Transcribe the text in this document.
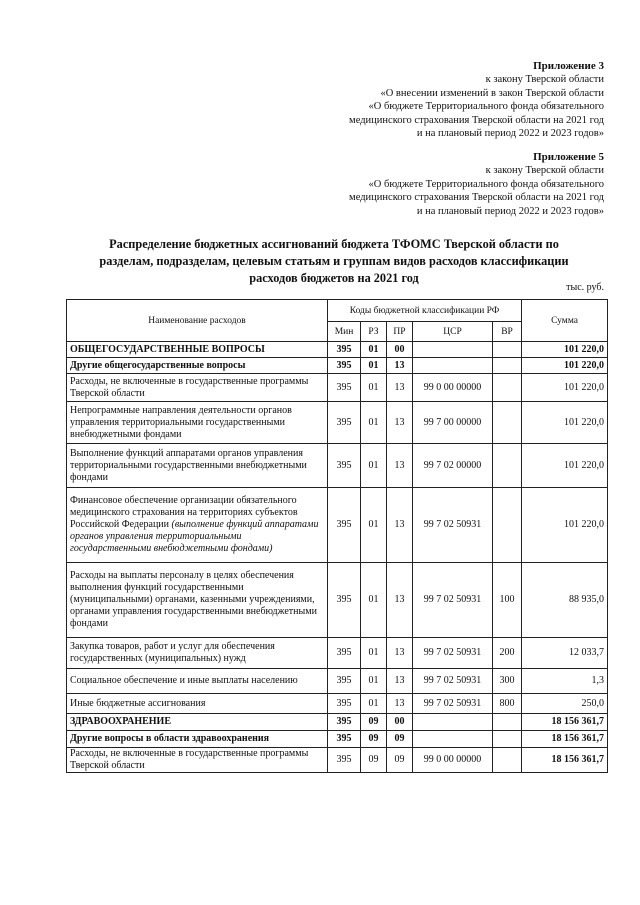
Приложение 3
к закону Тверской области
«О внесении изменений в закон Тверской области
«О бюджете Территориального фонда обязательного
медицинского страхования Тверской области на 2021 год
и на плановый период 2022 и 2023 годов»
Приложение 5
к закону Тверской области
«О бюджете Территориального фонда обязательного
медицинского страхования Тверской области на 2021 год
и на плановый период 2022 и 2023 годов»
Распределение бюджетных ассигнований бюджета ТФОМС Тверской области по
разделам, подразделам, целевым статьям и группам видов расходов классификации
расходов бюджетов на 2021 год
тыс. руб.
Наименование расходов	Коды бюджетной классификации РФ					Сумма
	Мин	РЗ	ПР	ЦСР	ВР	
ОБЩЕГОСУДАРСТВЕННЫЕ ВОПРОСЫ	395	01	00			101 220,0
Другие общегосударственные вопросы	395	01	13			101 220,0
Расходы, не включенные в государственные программы Тверской области	395	01	13	99 0 00 00000		101 220,0
Непрограммные направления деятельности органов управления территориальными государственными внебюджетными фондами	395	01	13	99 7 00 00000		101 220,0
Выполнение функций аппаратами органов управления территориальными государственными внебюджетными фондами	395	01	13	99 7 02 00000		101 220,0
Финансовое обеспечение организации обязательного медицинского страхования на территориях субъектов Российской Федерации (выполнение функций аппаратами органов управления территориальными государственными внебюджетными фондами)	395	01	13	99 7 02 50931		101 220,0
Расходы на выплаты персоналу в целях обеспечения выполнения функций государственными (муниципальными) органами, казенными учреждениями, органами управления государственными внебюджетными фондами	395	01	13	99 7 02 50931	100	88 935,0
Закупка товаров, работ и услуг для обеспечения государственных (муниципальных) нужд	395	01	13	99 7 02 50931	200	12 033,7
Социальное обеспечение и иные выплаты населению	395	01	13	99 7 02 50931	300	1,3
Иные бюджетные ассигнования	395	01	13	99 7 02 50931	800	250,0
ЗДРАВООХРАНЕНИЕ	395	09	00			18 156 361,7
Другие вопросы в области здравоохранения	395	09	09			18 156 361,7
Расходы, не включенные в государственные программы Тверской области	395	09	09	99 0 00 00000		18 156 361,7
